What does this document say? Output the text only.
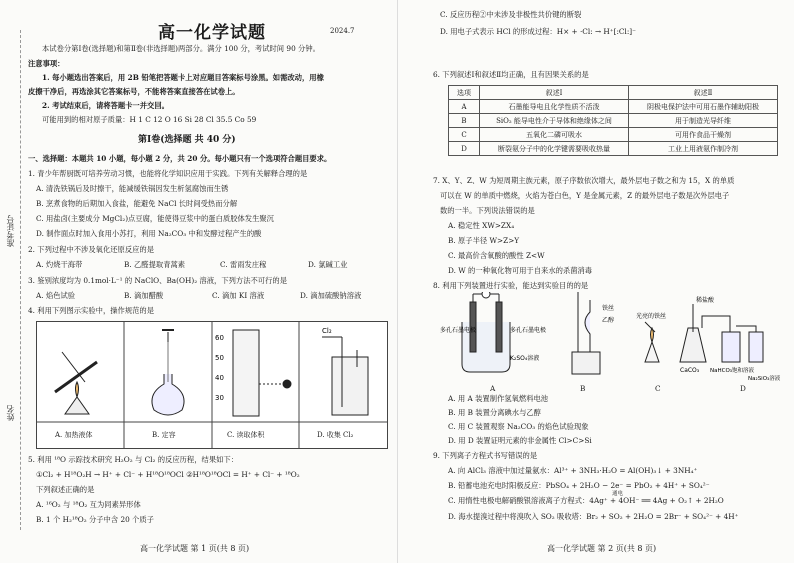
准考证号
姓名
高一化学试题	2024.7
本试卷分第Ⅰ卷(选择题)和第Ⅱ卷(非选择题)两部分。满分 100 分，考试时间 90 分钟。
注意事项：
1. 每小题选出答案后，用 2B 铅笔把答题卡上对应题目答案标号涂黑。如需改动，用橡
皮擦干净后，再选涂其它答案标号，不能将答案直接答在试卷上。
2. 考试结束后，请将答题卡一并交回。
可能用到的相对原子质量：H 1 C 12 O 16 Si 28 Cl 35.5 Co 59
第Ⅰ卷(选择题 共 40 分)
一、选择题：本题共 10 小题，每小题 2 分，共 20 分。每小题只有一个选项符合题目要求。
1. 青少年帮厨既可培养劳动习惯，也能将化学知识应用于实践。下列有关解释合理的是
A. 清洗铁锅后及时擦干，能减缓铁锅因发生析氢腐蚀而生锈
B. 烹煮食物的后期加入食盐，能避免 NaCl 长时间受热而分解
C. 用盐卤(主要成分 MgCl₂)点豆腐，能使得豆浆中的蛋白质胶体发生聚沉
D. 制作面点时加入食用小苏打，利用 Na₂CO₃ 中和发酵过程产生的酸
2. 下列过程中不涉及氧化还原反应的是
A. 灼烧干海带	B. 乙醛提取青蒿素	C. 雷雨发庄稼	D. 氯碱工业
3. 鉴别浓度均为 0.1mol·L⁻¹ 的 NaClO、Ba(OH)₂ 溶液，下列方法不可行的是
A. 焰色试验	B. 滴加醋酸	C. 滴加 KI 溶液	D. 滴加硫酸钠溶液
4. 利用下列图示实验中，操作规范的是
60
50
40
30
Cl₂
A. 加热液体	B. 定容	C. 读取体积	D. 收集 Cl₂
5. 利用 ¹⁸O 示踪技术研究 H₂O₂ 与 Cl₂ 的反应历程，结果如下：
①Cl₂ + H¹⁸O₂H → H⁺ + Cl⁻ + H¹⁸O¹⁸OCl ②H¹⁸O¹⁸OCl = H⁺ + Cl⁻ + ¹⁸O₂
下列叙述正确的是
A. ¹⁶O₂ 与 ¹⁸O₂ 互为同素异形体
B. 1 个 H₂¹⁸O₂ 分子中含 20 个质子
高一化学试题 第 1 页(共 8 页)
C. 反应历程②中未涉及非极性共价键的断裂
D. 用电子式表示 HCl 的形成过程：H× + ·Cl: → H⁺[:Cl:]⁻
6. 下列叙述Ⅰ和叙述Ⅱ均正确，且有因果关系的是
选项	叙述Ⅰ	叙述Ⅱ
A	石墨能导电且化学性质不活泼	阴极电保护法中可用石墨作辅助阳极
B	SiO₂ 能导电性介于导体和绝缘体之间	用于制造光导纤维
C	五氧化二磷可吸水	可用作食品干燥剂
D	断裂氨分子中的化学键需要吸收热量	工业上用液氨作制冷剂
7. X、Y、Z、W 为短周期主族元素，原子序数依次增大，最外层电子数之和为 15，X 的单质
可以在 W 的单质中燃烧，火焰为苍白色，Y 是金属元素，Z 的最外层电子数是次外层电子
数的一半。下列说法错误的是
A. 稳定性 XW>ZX₄
B. 原子半径 W>Z>Y
C. 最高价含氧酸的酸性 Z<W
D. W 的一种氧化物可用于自来水的杀菌消毒
8. 利用下列装置进行实验，能达到实验目的的是
多孔石墨电极	多孔石墨电极
K₂SO₄溶液
铁丝
乙醇
光亮的铁丝
稀盐酸
CaCO₃ NaHCO₃饱和溶液
Na₂SiO₃溶液
A	B	C	D
A. 用 A 装置制作氢氧燃料电池
B. 用 B 装置分离碘水与乙醇
C. 用 C 装置观察 Na₂CO₃ 的焰色试验现象
D. 用 D 装置证明元素的非金属性 Cl>C>Si
9. 下列离子方程式书写错误的是
A. 向 AlCl₃ 溶液中加过量氨水：Al³⁺ + 3NH₃·H₂O = Al(OH)₃↓ + 3NH₄⁺
B. 铅蓄电池充电时阳极反应：PbSO₄ + 2H₂O − 2e⁻ = PbO₂ + 4H⁺ + SO₄²⁻
通电
C. 用惰性电极电解硝酸银溶液离子方程式：4Ag⁺ + 4OH⁻ ══ 4Ag + O₂↑ + 2H₂O
D. 海水提溴过程中将溴吹入 SO₂ 吸收塔：Br₂ + SO₂ + 2H₂O = 2Br⁻ + SO₄²⁻ + 4H⁺
高一化学试题 第 2 页(共 8 页)
